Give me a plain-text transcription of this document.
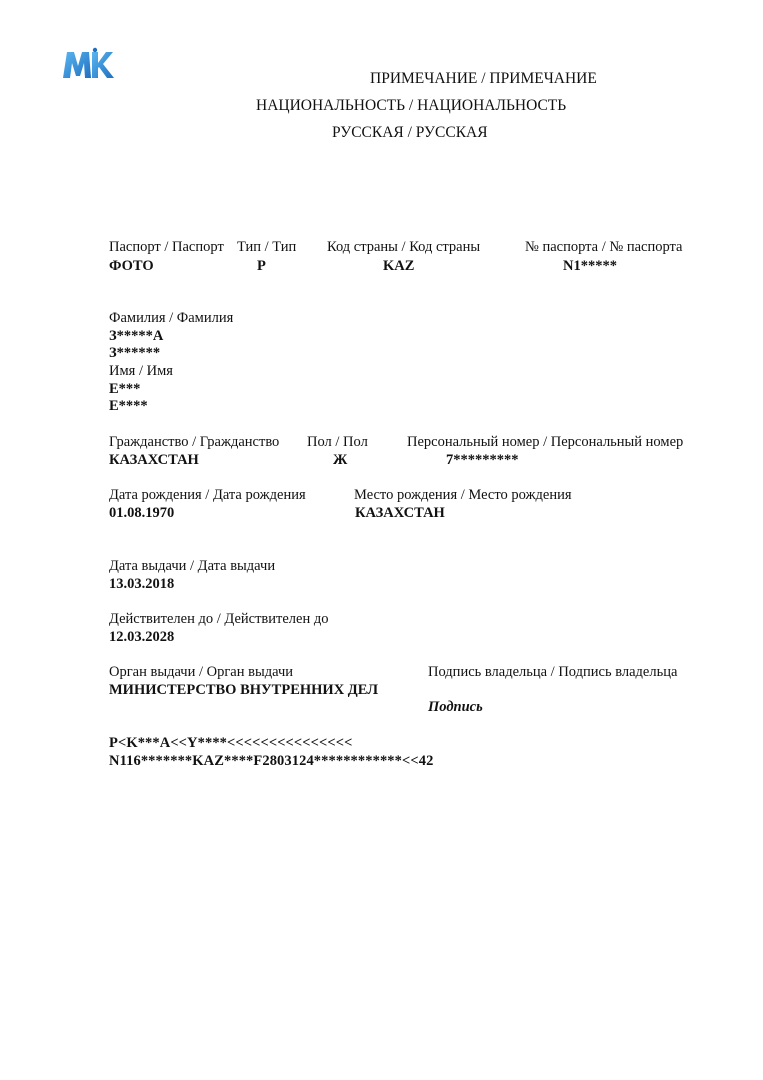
ПРИМЕЧАНИЕ / ПРИМЕЧАНИЕ
НАЦИОНАЛЬНОСТЬ / НАЦИОНАЛЬНОСТЬ
РУССКАЯ / РУССКАЯ
Паспорт / Паспорт
ФОТО
Тип / Тип
P
Код страны / Код страны
KAZ
№ паспорта / № паспорта
N1*****
Фамилия / Фамилия
З*****А
З******
Имя / Имя
Е***
Е****
Гражданство / Гражданство
КАЗАХСТАН
Пол / Пол
Ж
Персональный номер / Персональный номер
7*********
Дата рождения / Дата рождения
01.08.1970
Место рождения / Место рождения
КАЗАХСТАН
Дата выдачи / Дата выдачи
13.03.2018
Действителен до / Действителен до
12.03.2028
Орган выдачи / Орган выдачи
МИНИСТЕРСТВО ВНУТРЕННИХ ДЕЛ
Подпись владельца / Подпись владельца
Подпись
P<K***A<<Y****<<<<<<<<<<<<<<<
N116*******KAZ****F2803124************<<42
